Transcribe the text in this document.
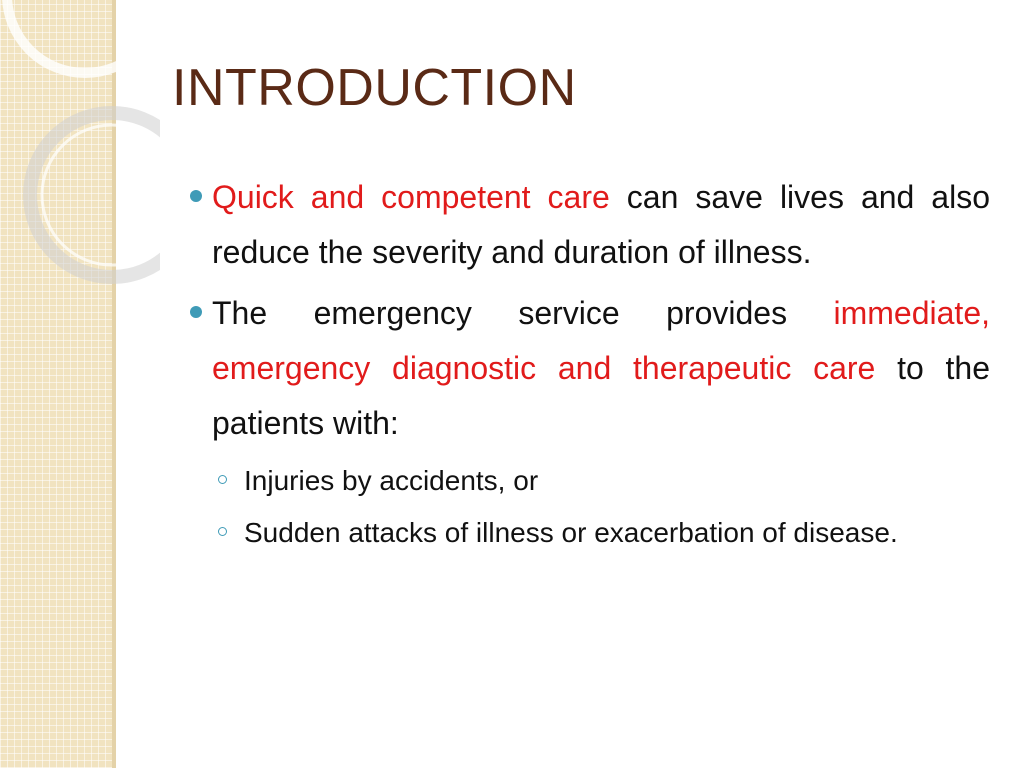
INTRODUCTION
Quick and competent care can save lives and also reduce the severity and duration of illness.
The emergency service provides immediate, emergency diagnostic and therapeutic care to the patients with:
Injuries by accidents, or
Sudden attacks of illness or exacerbation of disease.
